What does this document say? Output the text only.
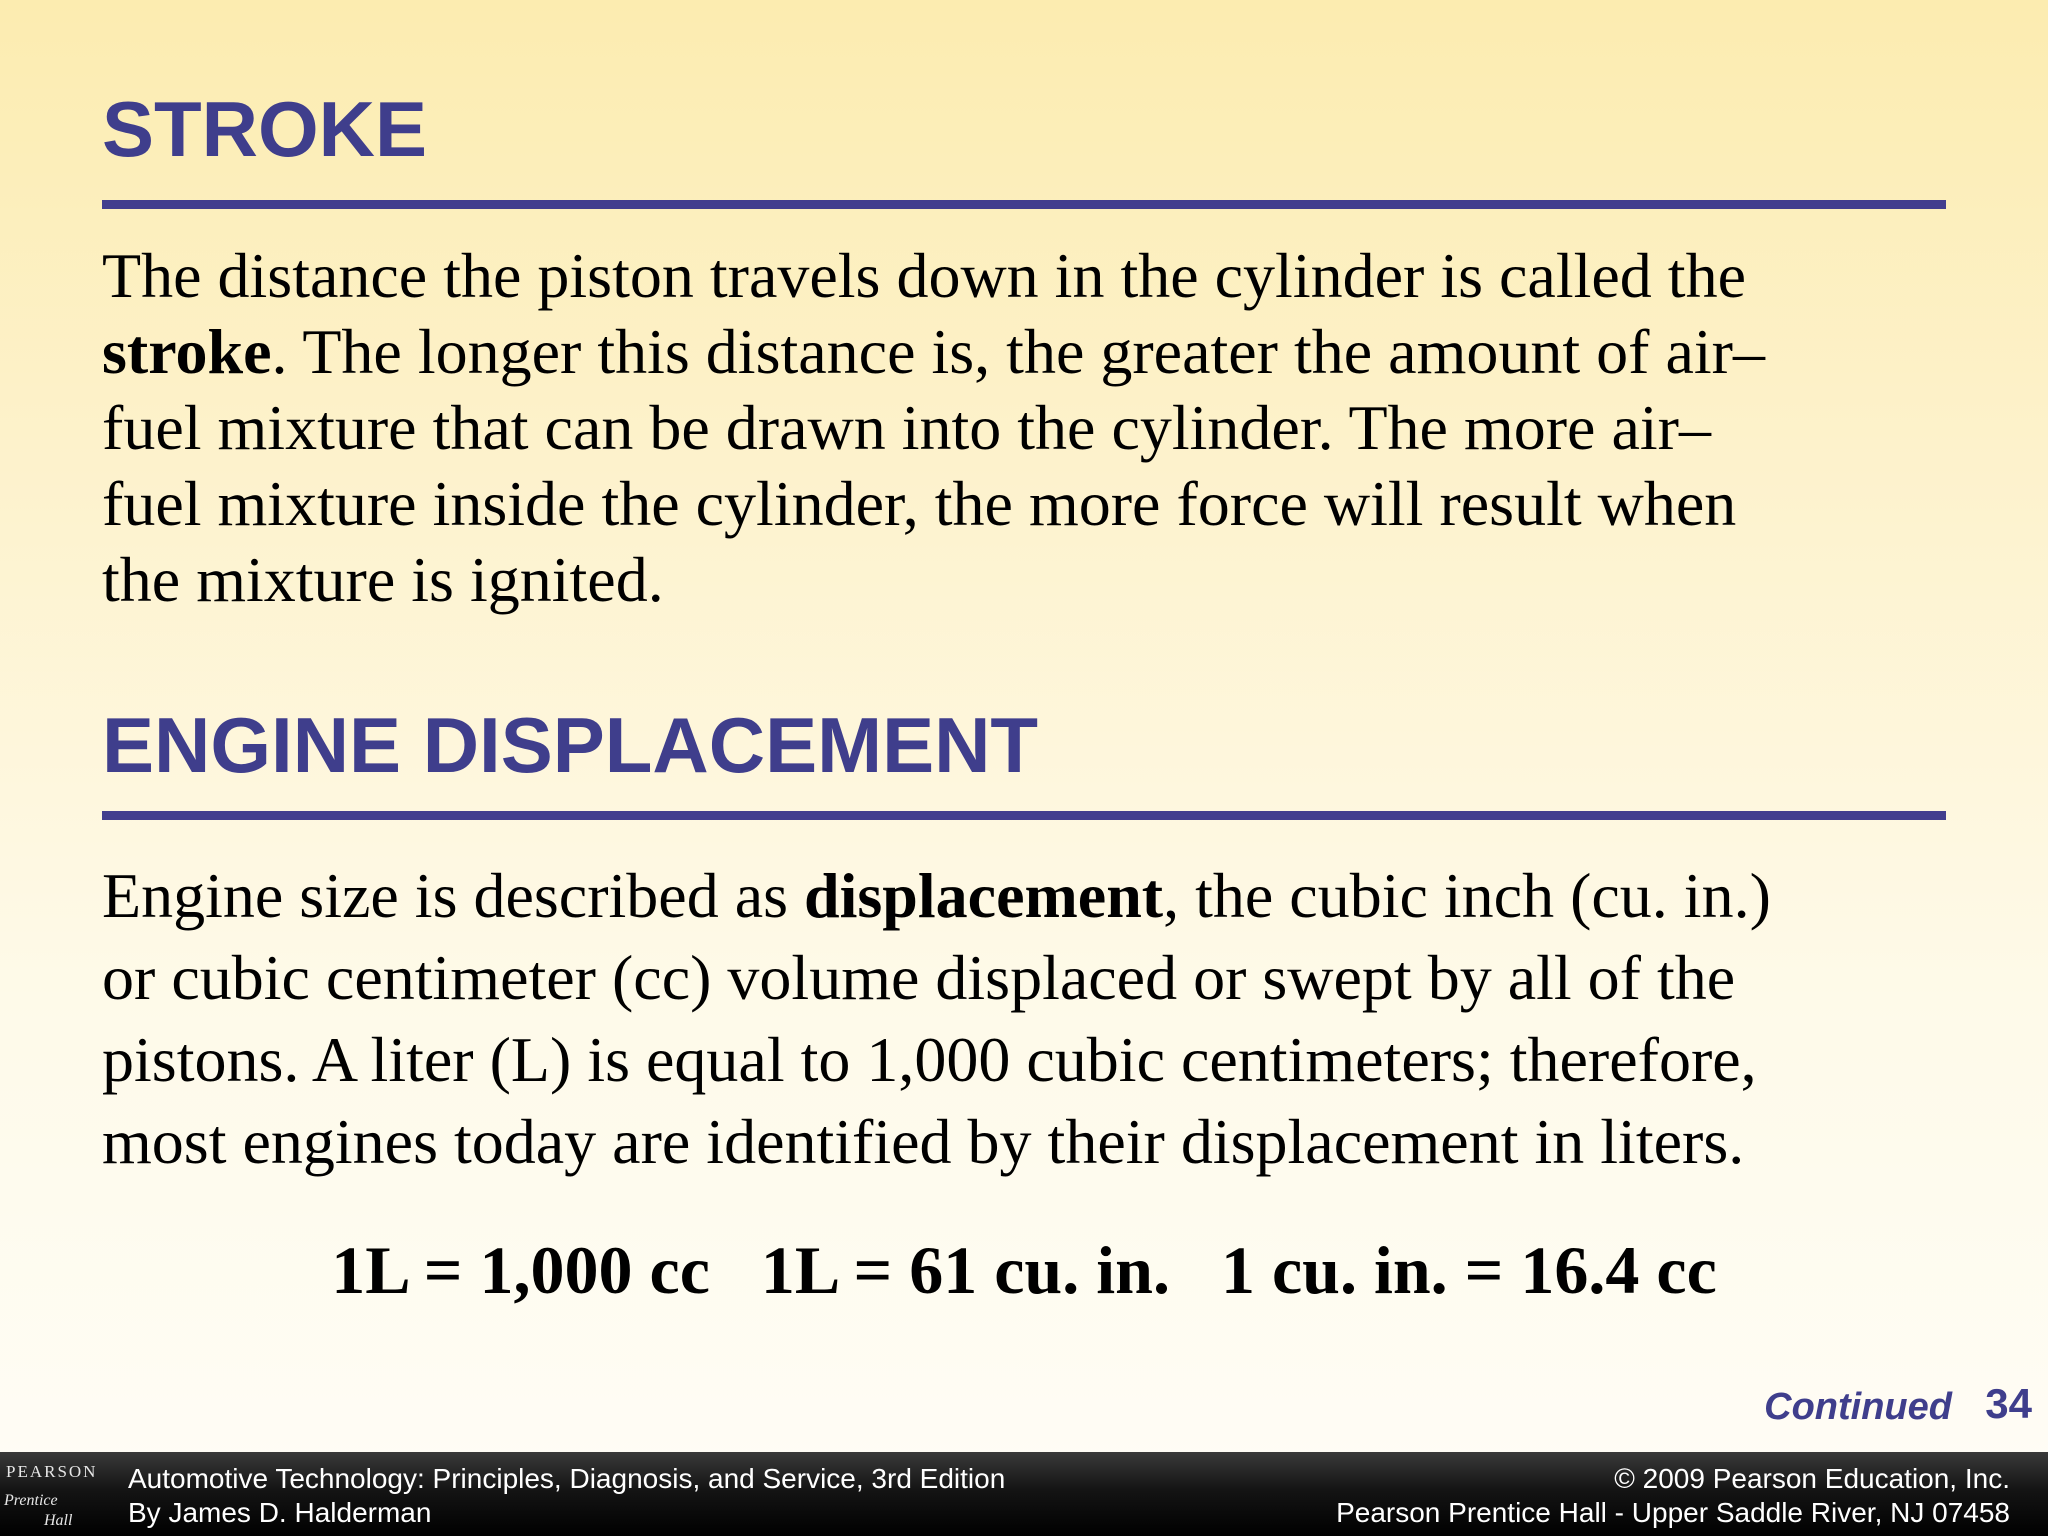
STROKE

The distance the piston travels down in the cylinder is called the
stroke. The longer this distance is, the greater the amount of air–
fuel mixture that can be drawn into the cylinder. The more air–
fuel mixture inside the cylinder, the more force will result when
the mixture is ignited.

ENGINE DISPLACEMENT

Engine size is described as displacement, the cubic inch (cu. in.)
or cubic centimeter (cc) volume displaced or swept by all of the
pistons. A liter (L) is equal to 1,000 cubic centimeters; therefore,
most engines today are identified by their displacement in liters.

1L = 1,000 cc   1L = 61 cu. in.   1 cu. in. = 16.4 cc
Continued 34
PEARSON
Prentice
Hall
Automotive Technology: Principles, Diagnosis, and Service, 3rd Edition
By James D. Halderman
© 2009 Pearson Education, Inc.
Pearson Prentice Hall - Upper Saddle River, NJ 07458
